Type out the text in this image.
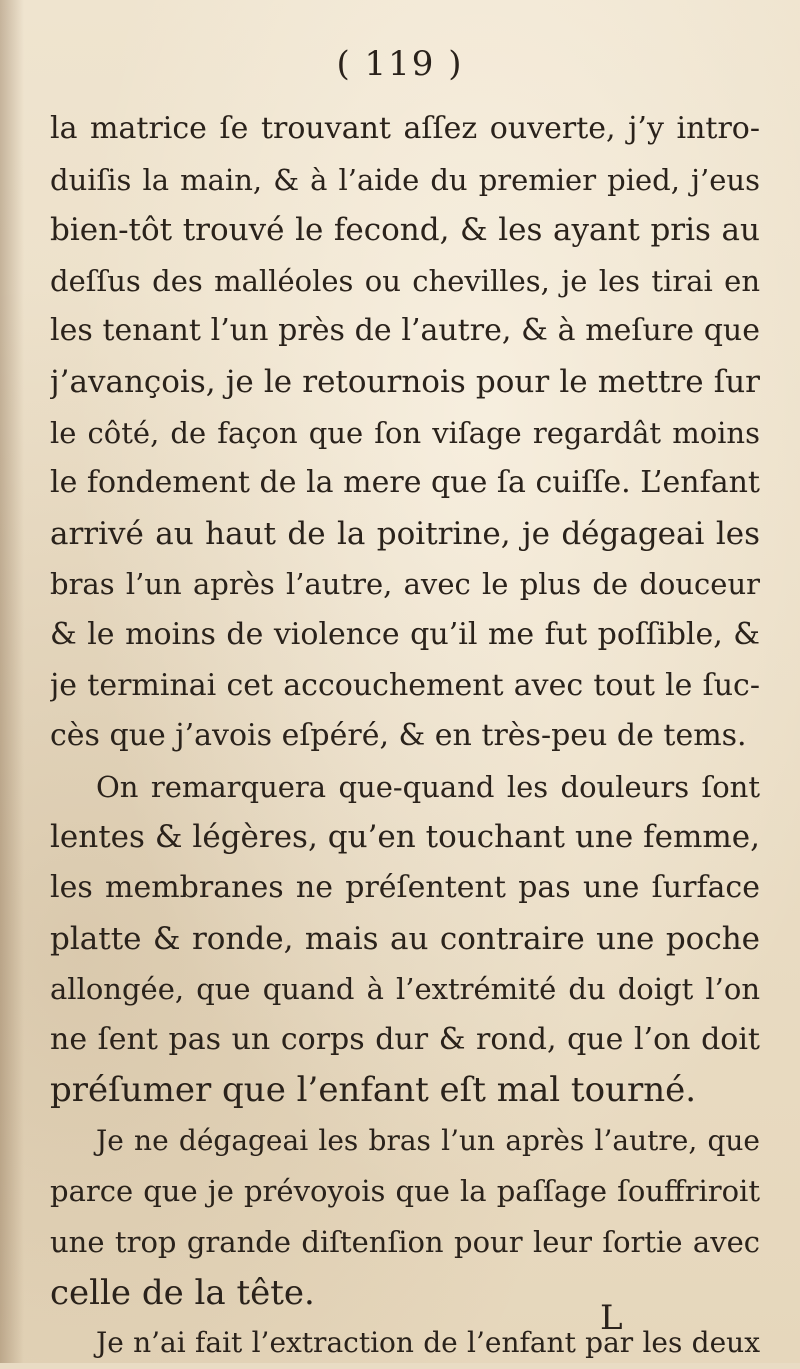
( 119 )
la matrice ſe trouvant aſſez ouverte, j’y intro-
duiſis la main, & à l’aide du premier pied, j’eus
bien-tôt trouvé le fecond, & les ayant pris au
deſſus des malléoles ou chevilles, je les tirai en
les tenant l’un près de l’autre, & à meſure que
j’avançois, je le retournois pour le mettre ſur
le côté, de façon que ſon viſage regardât moins
le fondement de la mere que ſa cuiſſe. L’enfant
arrivé au haut de la poitrine, je dégageai les
bras l’un après l’autre, avec le plus de douceur
& le moins de violence qu’il me fut poſſible, &
je terminai cet accouchement avec tout le ſuc-
cès que j’avois eſpéré, & en très-peu de tems.
On remarquera que-quand les douleurs ſont
lentes & légères, qu’en touchant une femme,
les membranes ne préſentent pas une ſurface
platte & ronde, mais au contraire une poche
allongée, que quand à l’extrémité du doigt l’on
ne ſent pas un corps dur & rond, que l’on doit
préſumer que l’enfant eſt mal tourné.
Je ne dégageai les bras l’un après l’autre, que
parce que je prévoyois que la paſſage ſouffriroit
une trop grande diſtenſion pour leur ſortie avec
celle de la tête.
Je n’ai fait l’extraction de l’enfant par les deux
L
